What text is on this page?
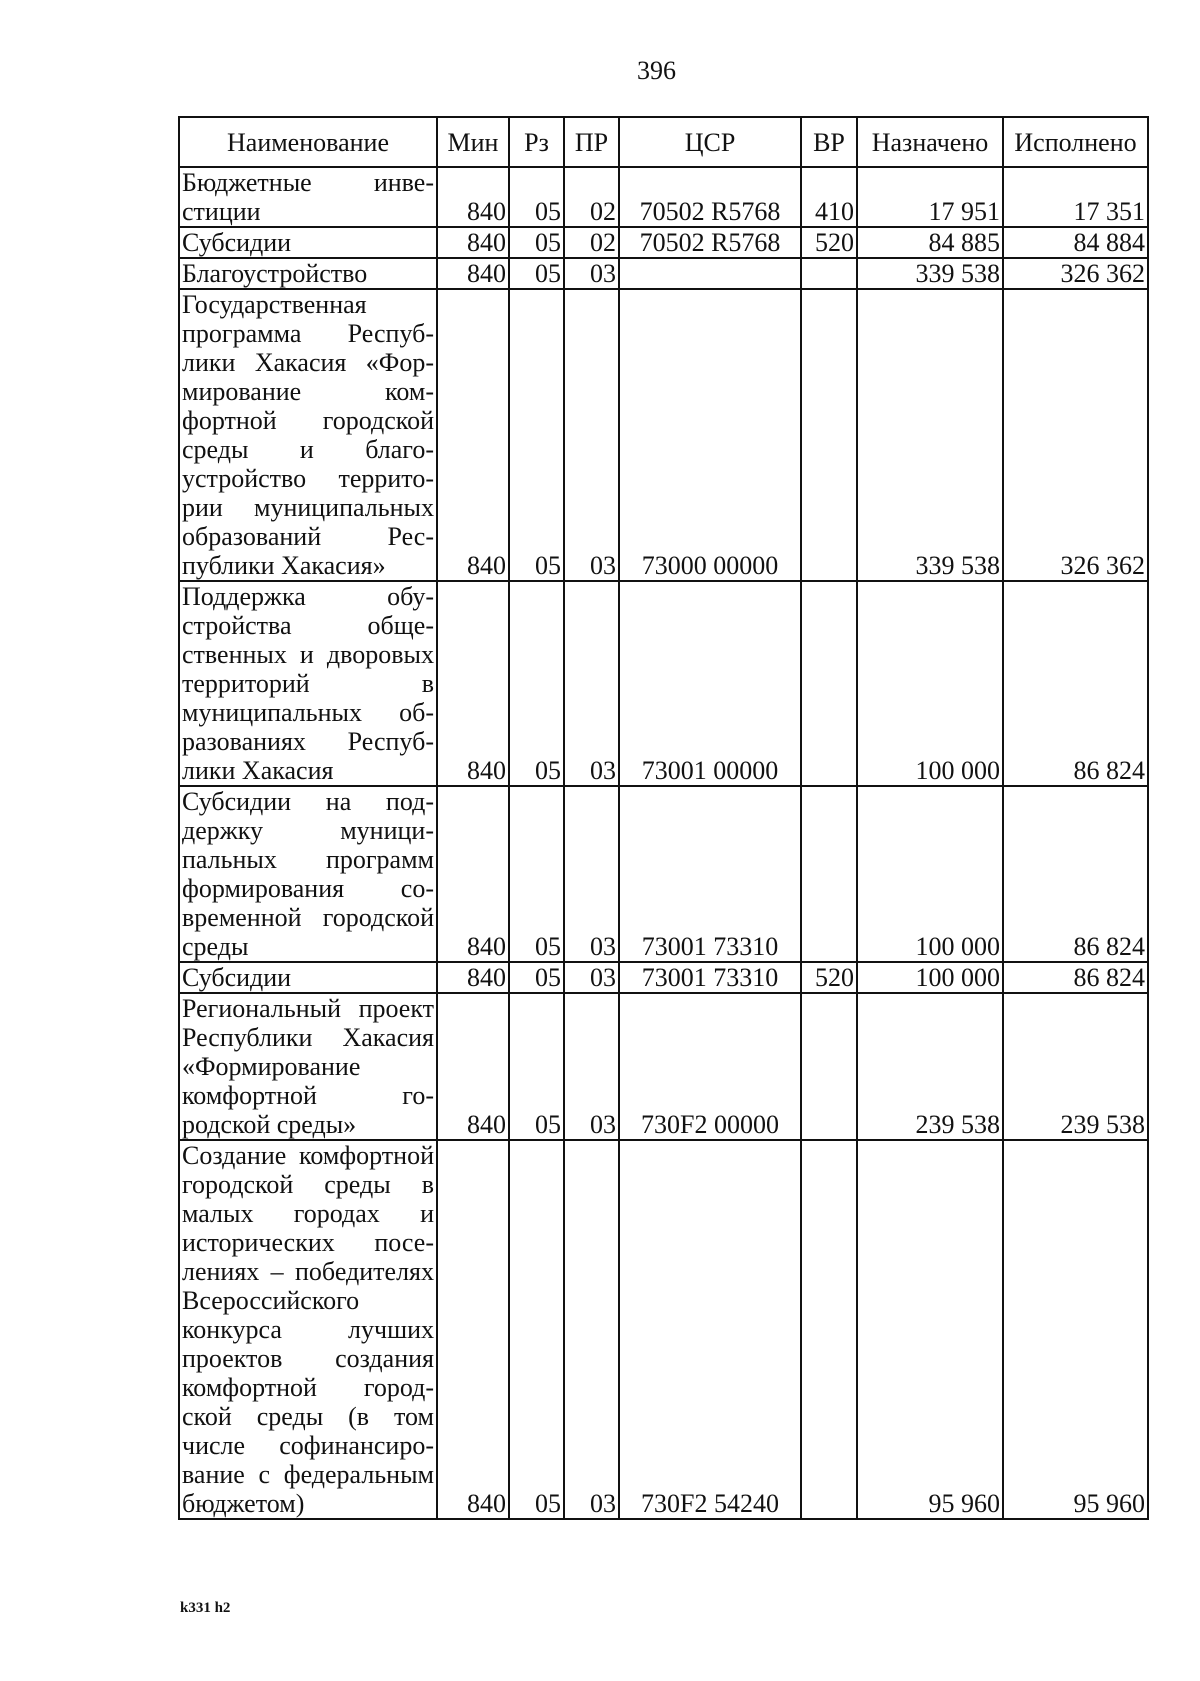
396
Наименование	Мин	Рз	ПР	ЦСР	ВР	Назначено	Исполнено
Бюджетные инвестиции	840	05	02	70502 R5768	410	17 951	17 351
Субсидии	840	05	02	70502 R5768	520	84 885	84 884
Благоустройство	840	05	03			339 538	326 362
Государственная программа Республики Хакасия «Формирование комфортной городской среды и благоустройство территории муниципальных образований Республики Хакасия»	840	05	03	73000 00000		339 538	326 362
Поддержка обустройства общественных и дворовых территорий в муниципальных образованиях Республики Хакасия	840	05	03	73001 00000		100 000	86 824
Субсидии на поддержку муниципальных программ формирования современной городской среды	840	05	03	73001 73310		100 000	86 824
Субсидии	840	05	03	73001 73310	520	100 000	86 824
Региональный проект Республики Хакасия «Формирование комфортной городской среды»	840	05	03	730F2 00000		239 538	239 538
Создание комфортной городской среды в малых городах и исторических поселениях – победителях Всероссийского конкурса лучших проектов создания комфортной городской среды (в том числе софинансирование с федеральным бюджетом)	840	05	03	730F2 54240		95 960	95 960
k331 h2
